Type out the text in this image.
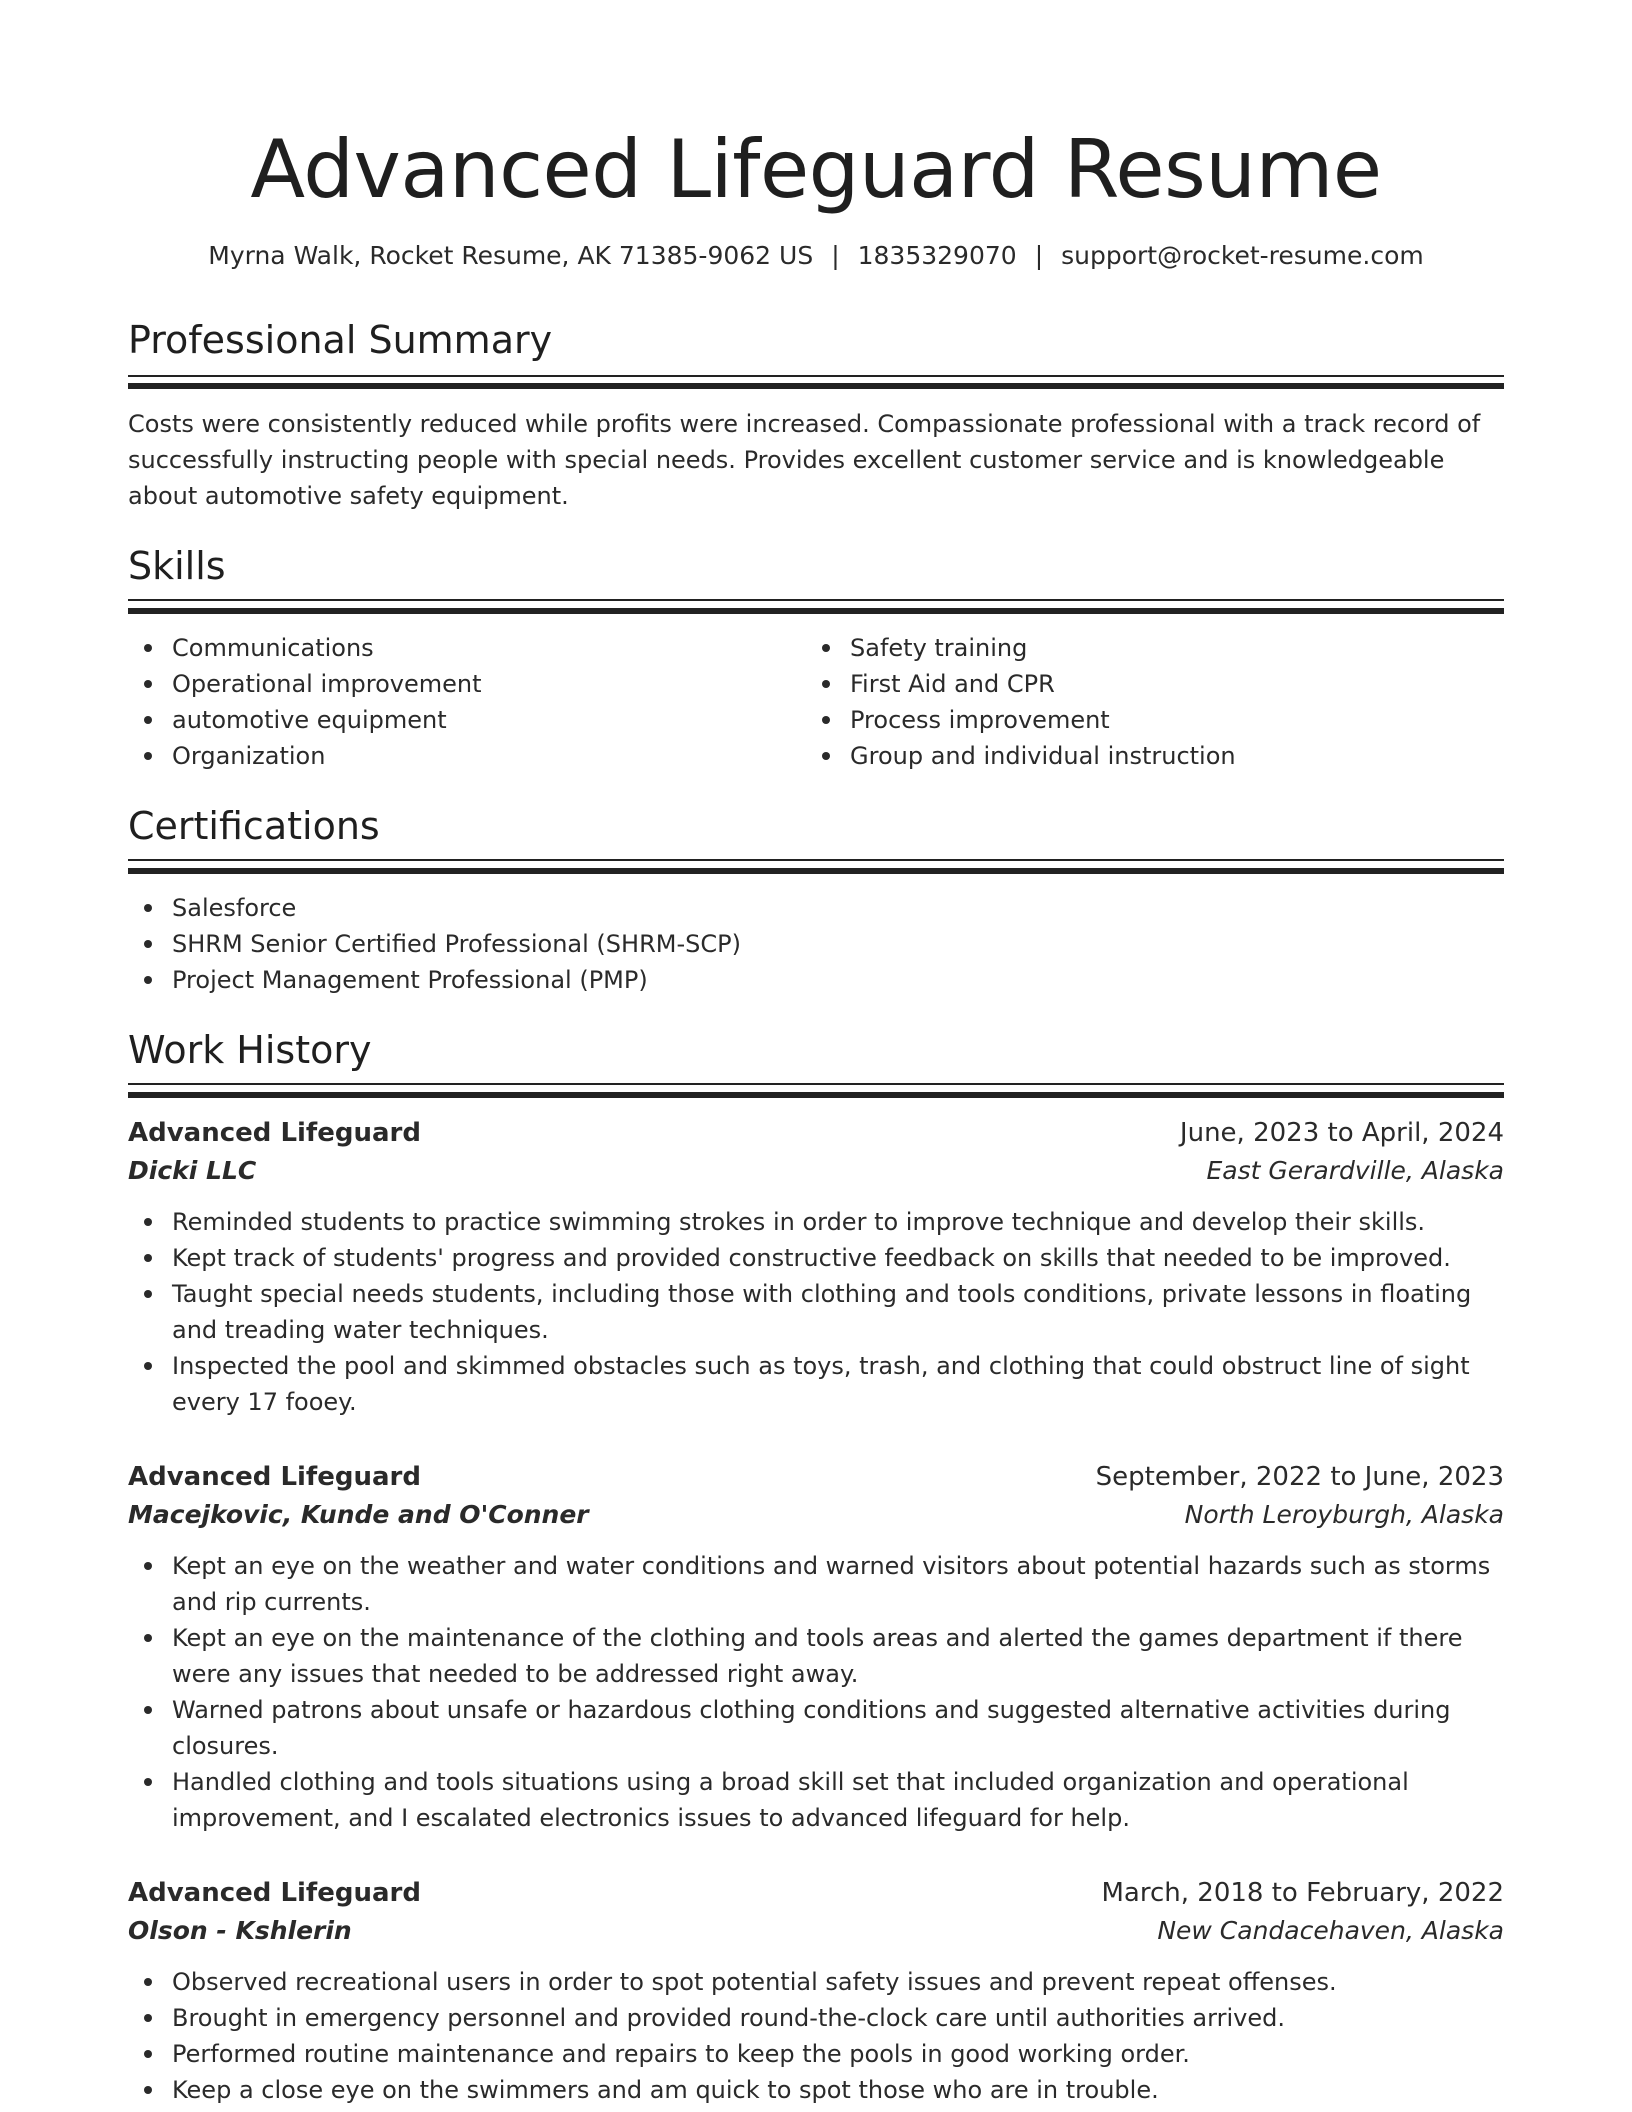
Advanced Lifeguard Resume
Myrna Walk, Rocket Resume, AK 71385-9062 US | 1835329070 | support@rocket-resume.com
Professional Summary

Costs were consistently reduced while profits were increased. Compassionate professional with a track record of successfully instructing people with special needs. Provides excellent customer service and is knowledgeable about automotive safety equipment.

Skills
Communications
Operational improvement
automotive equipment
Organization
Safety training
First Aid and CPR
Process improvement
Group and individual instruction
Certifications
Salesforce
SHRM Senior Certified Professional (SHRM-SCP)
Project Management Professional (PMP)
Work History
Advanced Lifeguard	June, 2023 to April, 2024
Dicki LLC	East Gerardville, Alaska
Reminded students to practice swimming strokes in order to improve technique and develop their skills.
Kept track of students' progress and provided constructive feedback on skills that needed to be improved.
Taught special needs students, including those with clothing and tools conditions, private lessons in floating and treading water techniques.
Inspected the pool and skimmed obstacles such as toys, trash, and clothing that could obstruct line of sight every 17 fooey.
Advanced Lifeguard	September, 2022 to June, 2023
Macejkovic, Kunde and O'Conner	North Leroyburgh, Alaska
Kept an eye on the weather and water conditions and warned visitors about potential hazards such as storms and rip currents.
Kept an eye on the maintenance of the clothing and tools areas and alerted the games department if there were any issues that needed to be addressed right away.
Warned patrons about unsafe or hazardous clothing conditions and suggested alternative activities during closures.
Handled clothing and tools situations using a broad skill set that included organization and operational improvement, and I escalated electronics issues to advanced lifeguard for help.
Advanced Lifeguard	March, 2018 to February, 2022
Olson - Kshlerin	New Candacehaven, Alaska
Observed recreational users in order to spot potential safety issues and prevent repeat offenses.
Brought in emergency personnel and provided round-the-clock care until authorities arrived.
Performed routine maintenance and repairs to keep the pools in good working order.
Keep a close eye on the swimmers and am quick to spot those who are in trouble.
